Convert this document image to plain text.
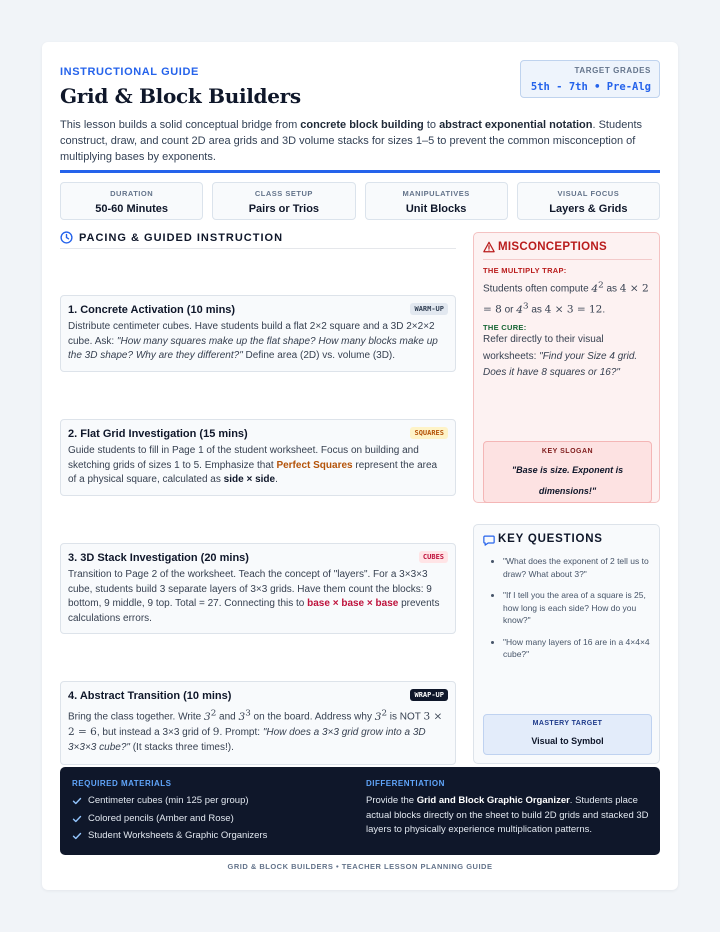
INSTRUCTIONAL GUIDE
Grid & Block Builders
TARGET GRADES
5th - 7th • Pre-Alg

This lesson builds a solid conceptual bridge from concrete block building to abstract exponential notation. Students construct, draw, and count 2D area grids and 3D volume stacks for sizes 1–5 to prevent the common misconception of multiplying bases by exponents.

DURATION
50-60 Minutes
CLASS SETUP
Pairs or Trios
MANIPULATIVES
Unit Blocks
VISUAL FOCUS
Layers & Grids
PACING & GUIDED INSTRUCTION
1. Concrete Activation (10 mins)	WARM-UP
Distribute centimeter cubes. Have students build a flat 2×2 square and a 3D 2×2×2 cube. Ask: "How many squares make up the flat shape? How many blocks make up the 3D shape? Why are they different?" Define area (2D) vs. volume (3D).
2. Flat Grid Investigation (15 mins)	SQUARES
Guide students to fill in Page 1 of the student worksheet. Focus on building and sketching grids of sizes 1 to 5. Emphasize that Perfect Squares represent the area of a physical square, calculated as side × side.
3. 3D Stack Investigation (20 mins)	CUBES
Transition to Page 2 of the worksheet. Teach the concept of "layers". For a 3×3×3 cube, students build 3 separate layers of 3×3 grids. Have them count the blocks: 9 bottom, 9 middle, 9 top. Total = 27. Connecting this to base × base × base prevents calculations errors.
4. Abstract Transition (10 mins)	WRAP-UP
Bring the class together. Write $3^2$ and $3^3$ on the board. Address why $3^2$ is NOT 3 × 2 = 6, but instead a 3×3 grid of 9. Prompt: "How does a 3×3 grid grow into a 3D 3×3×3 cube?" (It stacks three times!).
MISCONCEPTIONS
THE MULTIPLY TRAP:
Students often compute $4^2$ as 4 × 2 = 8 or $4^3$ as 4 × 3 = 12.
THE CURE:
Refer directly to their visual worksheets: "Find your Size 4 grid. Does it have 8 squares or 16?"
KEY SLOGAN
"Base is size. Exponent is dimensions!"
KEY QUESTIONS
• "What does the exponent of 2 tell us to draw? What about 3?"
• "If I tell you the area of a square is 25, how long is each side? How do you know?"
• "How many layers of 16 are in a 4×4×4 cube?"
MASTERY TARGET
Visual to Symbol
REQUIRED MATERIALS
Centimeter cubes (min 125 per group)
Colored pencils (Amber and Rose)
Student Worksheets & Graphic Organizers
DIFFERENTIATION
Provide the Grid and Block Graphic Organizer. Students place actual blocks directly on the sheet to build 2D grids and stacked 3D layers to physically experience multiplication patterns.
GRID & BLOCK BUILDERS • TEACHER LESSON PLANNING GUIDE
